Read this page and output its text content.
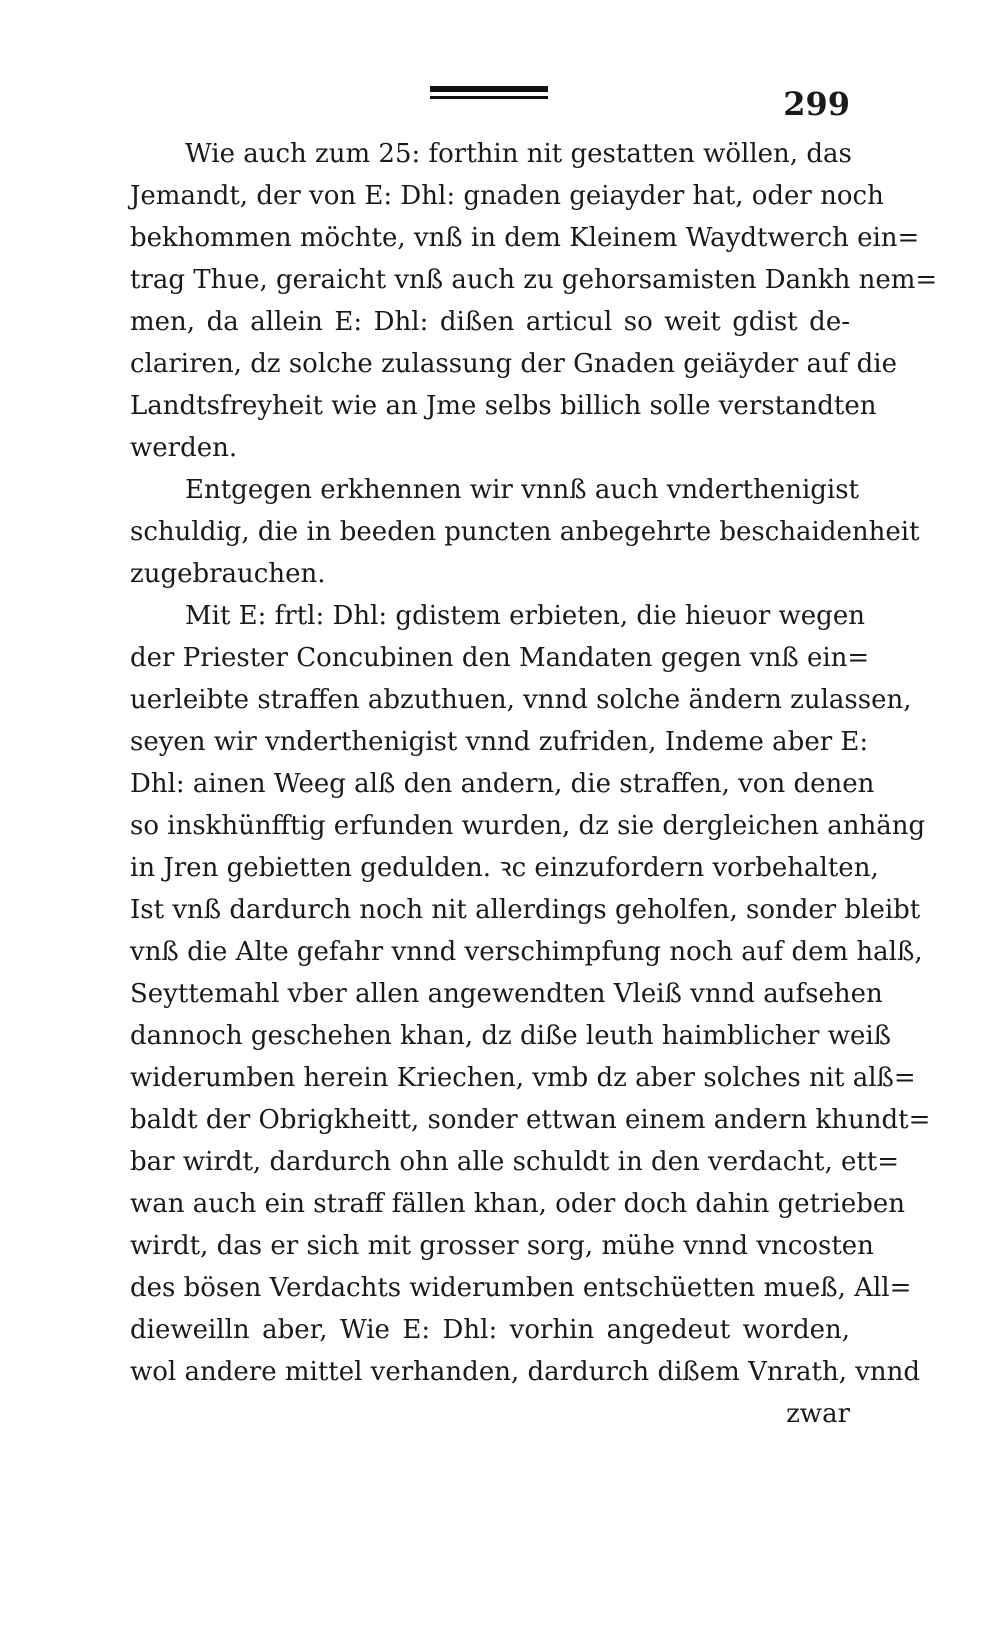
299
Wie auch zum 25: forthin nit gestatten wöllen, das
Jemandt, der von E: Dhl: gnaden geiayder hat, oder noch
bekhommen möchte, vnß in dem Kleinem Waydtwerch ein=
trag Thue, geraicht vnß auch zu gehorsamisten Dankh nem=
men, da allein E: Dhl: dißen articul so weit gdist de-
clariren, dz solche zulassung der Gnaden geiäyder auf die
Landtsfreyheit wie an Jme selbs billich solle verstandten
werden.
Entgegen erkhennen wir vnnß auch vnderthenigist
schuldig, die in beeden puncten anbegehrte beschaidenheit
zugebrauchen.
Mit E: frtl: Dhl: gdistem erbieten, die hieuor wegen
der Priester Concubinen den Mandaten gegen vnß ein=
uerleibte straffen abzuthuen, vnnd solche ändern zulassen,
seyen wir vnderthenigist vnnd zufriden, Indeme aber E:
Dhl: ainen Weeg alß den andern, die straffen, von denen
so inskhünfftig erfunden wurden, dz sie dergleichen anhäng
in Jren gebietten gedulden. ꝛc einzufordern vorbehalten,
Ist vnß dardurch noch nit allerdings geholfen, sonder bleibt
vnß die Alte gefahr vnnd verschimpfung noch auf dem halß,
Seyttemahl vber allen angewendten Vleiß vnnd aufsehen
dannoch geschehen khan, dz diße leuth haimblicher weiß
widerumben herein Kriechen, vmb dz aber solches nit alß=
baldt der Obrigkheitt, sonder ettwan einem andern khundt=
bar wirdt, dardurch ohn alle schuldt in den verdacht, ett=
wan auch ein straff fällen khan, oder doch dahin getrieben
wirdt, das er sich mit grosser sorg, mühe vnnd vncosten
des bösen Verdachts widerumben entschüetten mueß, All=
dieweilln aber, Wie E: Dhl: vorhin angedeut worden,
wol andere mittel verhanden, dardurch dißem Vnrath, vnnd
zwar
